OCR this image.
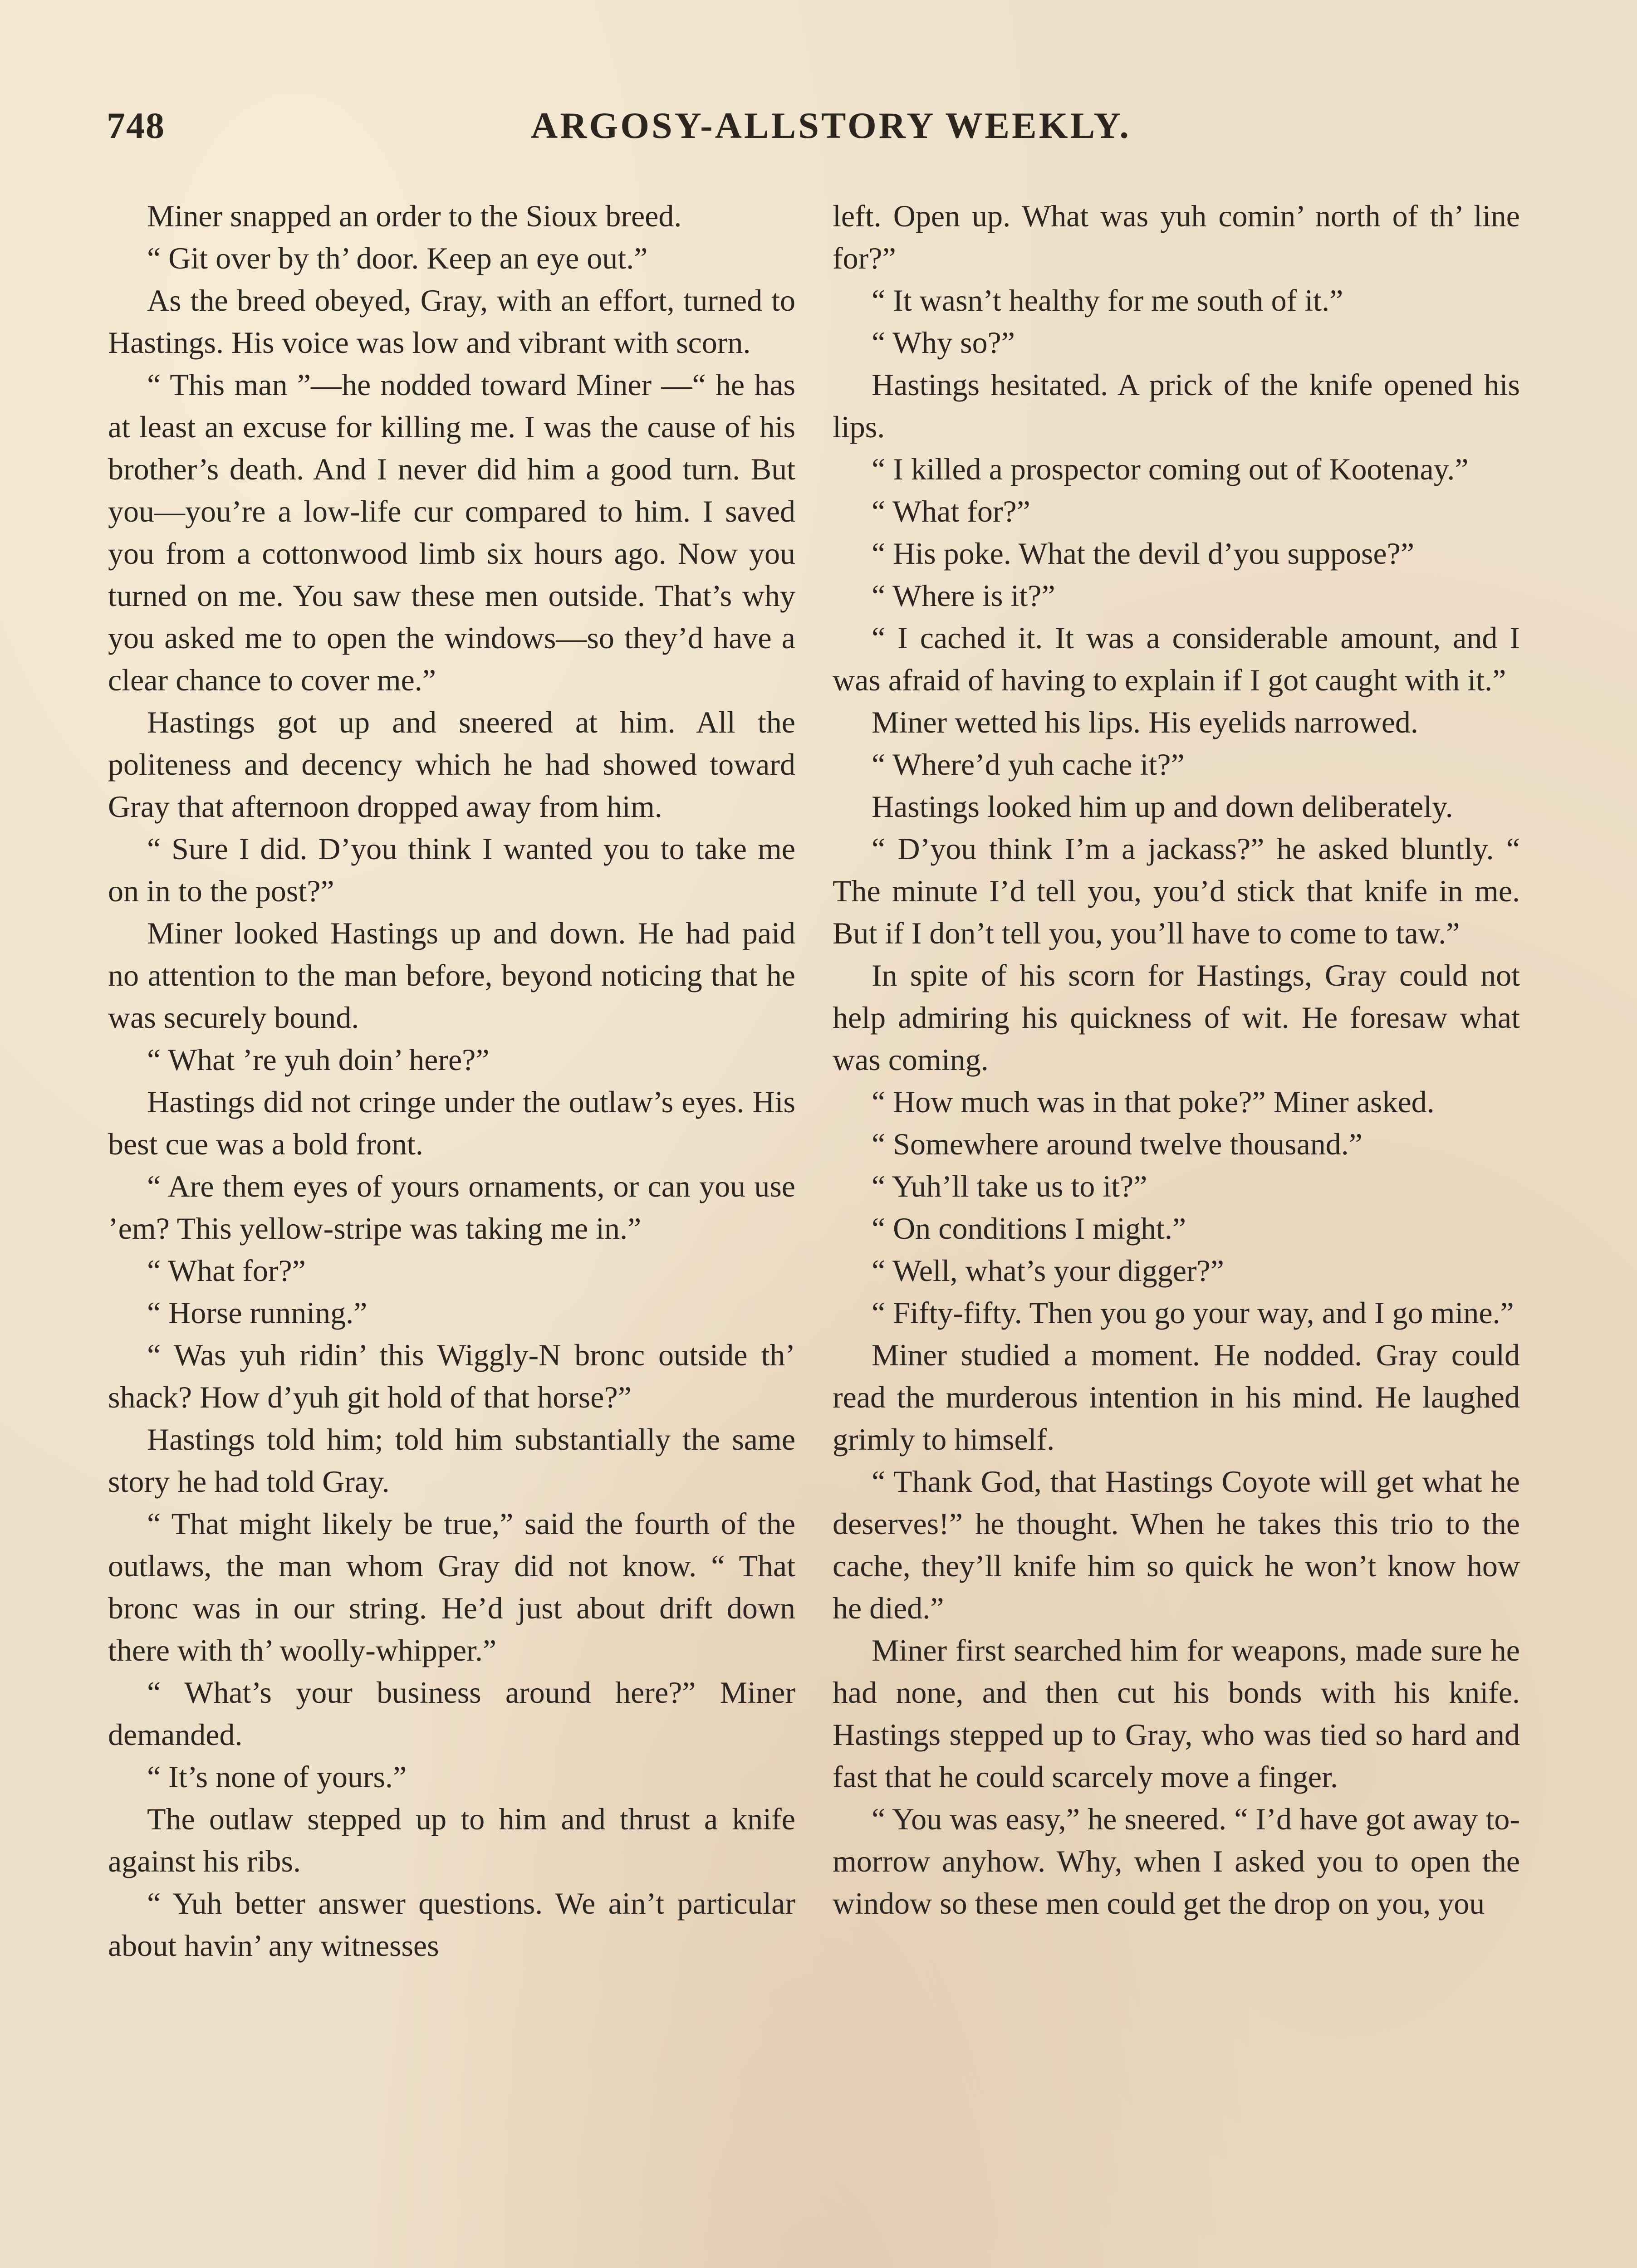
748	ARGOSY-ALLSTORY WEEKLY.

Miner snapped an order to the Sioux breed.

“ Git over by th’ door. Keep an eye out.”

As the breed obeyed, Gray, with an effort, turned to Hastings. His voice was low and vibrant with scorn.

“ This man ”—he nodded toward Miner —“ he has at least an excuse for killing me. I was the cause of his brother’s death. And I never did him a good turn. But you—you’re a low-life cur compared to him. I saved you from a cottonwood limb six hours ago. Now you turned on me. You saw these men outside. That’s why you asked me to open the windows—so they’d have a clear chance to cover me.”

Hastings got up and sneered at him. All the politeness and decency which he had showed toward Gray that afternoon dropped away from him.

“ Sure I did. D’you think I wanted you to take me on in to the post?”

Miner looked Hastings up and down. He had paid no attention to the man before, beyond noticing that he was securely bound.

“ What ’re yuh doin’ here?”

Hastings did not cringe under the outlaw’s eyes. His best cue was a bold front.

“ Are them eyes of yours ornaments, or can you use ’em? This yellow-stripe was taking me in.”

“ What for?”

“ Horse running.”

“ Was yuh ridin’ this Wiggly-N bronc outside th’ shack? How d’yuh git hold of that horse?”

Hastings told him; told him substantially the same story he had told Gray.

“ That might likely be true,” said the fourth of the outlaws, the man whom Gray did not know. “ That bronc was in our string. He’d just about drift down there with th’ woolly-whipper.”

“ What’s your business around here?” Miner demanded.

“ It’s none of yours.”

The outlaw stepped up to him and thrust a knife against his ribs.

“ Yuh better answer questions. We ain’t particular about havin’ any witnesses

left. Open up. What was yuh comin’ north of th’ line for?”

“ It wasn’t healthy for me south of it.”

“ Why so?”

Hastings hesitated. A prick of the knife opened his lips.

“ I killed a prospector coming out of Kootenay.”

“ What for?”

“ His poke. What the devil d’you suppose?”

“ Where is it?”

“ I cached it. It was a considerable amount, and I was afraid of having to explain if I got caught with it.”

Miner wetted his lips. His eyelids narrowed.

“ Where’d yuh cache it?”

Hastings looked him up and down deliberately.

“ D’you think I’m a jackass?” he asked bluntly. “ The minute I’d tell you, you’d stick that knife in me. But if I don’t tell you, you’ll have to come to taw.”

In spite of his scorn for Hastings, Gray could not help admiring his quickness of wit. He foresaw what was coming.

“ How much was in that poke?” Miner asked.

“ Somewhere around twelve thousand.”

“ Yuh’ll take us to it?”

“ On conditions I might.”

“ Well, what’s your digger?”

“ Fifty-fifty. Then you go your way, and I go mine.”

Miner studied a moment. He nodded. Gray could read the murderous intention in his mind. He laughed grimly to himself.

“ Thank God, that Hastings Coyote will get what he deserves!” he thought. When he takes this trio to the cache, they’ll knife him so quick he won’t know how he died.”

Miner first searched him for weapons, made sure he had none, and then cut his bonds with his knife. Hastings stepped up to Gray, who was tied so hard and fast that he could scarcely move a finger.

“ You was easy,” he sneered. “ I’d have got away to-morrow anyhow. Why, when I asked you to open the window so these men could get the drop on you, you
